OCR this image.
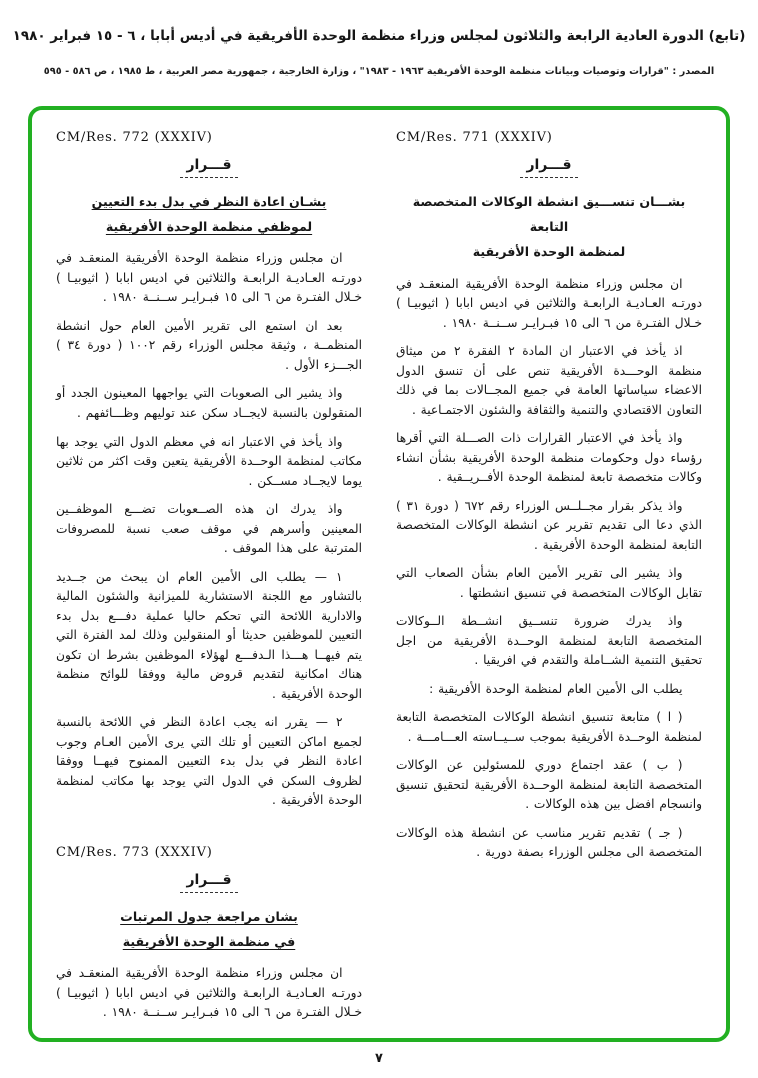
(تابع) الدورة العادية الرابعة والثلاثون لمجلس وزراء منظمة الوحدة الأفريقية في أديس أبابا ، ٦ - ١٥ فبراير ١٩٨٠
المصدر : "قرارات وتوصيات وبيانات منظمة الوحدة الأفريقية ١٩٦٣ - ١٩٨٣" ، وزارة الخارجية ، جمهورية مصر العربية ، ط ١٩٨٥ ، ص ٥٨٦ - ٥٩٥
CM/Res. 771 (XXXIV)
قـــرار
بشـــان تنســـيق انشطة الوكالات المتخصصة التابعة
لمنظمة الوحدة الأفريقية

ان مجلس وزراء منظمة الوحدة الأفريقية المنعقـد في دورتـه العـاديـة الرابعـة والثلاثين في اديس ابابا ( اثيوبيـا ) خـلال الفتـرة من ٦ الى ١٥ فبـرايـر ســنــة ١٩٨٠ .

اذ يأخذ في الاعتبار ان المادة ٢ الفقرة ٢ من ميثاق منظمة الوحـــدة الأفريقية تنص على أن تنسق الدول الاعضاء سياساتها العامة في جميع المجــالات بما في ذلك التعاون الاقتصادي والتنمية والثقافة والشئون الاجتمـاعية .

واذ يأخذ في الاعتبار القرارات ذات الصـــلة التي أقرها رؤساء دول وحكومات منظمة الوحدة الأفريقية بشأن انشاء وكالات متخصصة تابعة لمنظمة الوحدة الأفــريــقية .

واذ يذكر بقرار مجــلــس الوزراء رقم ٦٧٢ ( دورة ٣١ ) الذي دعا الى تقديم تقرير عن انشطة الوكالات المتخصصة التابعة لمنظمة الوحدة الأفريقية .

واذ يشير الى تقرير الأمين العام بشأن الصعاب التي تقابل الوكالات المتخصصة في تنسيق انشطتها .

واذ يدرك ضرورة تنســيق انشــطة الــوكالات المتخصصة التابعة لمنظمة الوحــدة الأفريقية من اجل تحقيق التنمية الشــاملة والتقدم في افريقيا .

يطلب الى الأمين العام لمنظمة الوحدة الأفريقية :

( ا ) متابعة تنسيق انشطة الوكالات المتخصصة التابعة لمنظمة الوحــدة الأفريقية بموجب ســيــاسته العـــامـــة .

( ب ) عقد اجتماع دوري للمسئولين عن الوكالات المتخصصة التابعة لمنظمة الوحــدة الأفريقية لتحقيق تنسيق وانسجام افضل بين هذه الوكالات .

( جـ ) تقديم تقرير مناسب عن انشطة هذه الوكالات المتخصصة الى مجلس الوزراء بصفة دورية .

CM/Res. 772 (XXXIV)
قـــرار
بشـان اعادة النظر في بدل بدء التعيين
لموظفي منظمة الوحدة الأفريقية

ان مجلس وزراء منظمة الوحدة الأفريقية المنعقـد في دورتـه العـاديـة الرابعـة والثلاثين في اديس ابابا ( اثيوبيـا ) خـلال الفتـرة من ٦ الى ١٥ فبـرايـر ســنــة ١٩٨٠ .

بعد ان استمع الى تقرير الأمين العام حول انشطة المنظمــة ، وثيقة مجلس الوزراء رقم ١٠٠٢ ( دورة ٣٤ ) الجـــزء الأول .

واذ يشير الى الصعوبات التي يواجهها المعينون الجدد أو المنقولون بالنسبة لايجــاد سكن عند توليهم وظـــائفهم .

واذ يأخذ في الاعتبار انه في معظم الدول التي يوجد بها مكاتب لمنظمة الوحــدة الأفريقية يتعين وقت اكثر من ثلاثين يوما لايجــاد مســكن .

واذ يدرك ان هذه الصــعوبات تضـــع الموظفــين المعينين وأسرهم في موقف صعب نسبة للمصروفات المترتبة على هذا الموقف .

١ — يطلب الى الأمين العام ان يبحث من جــديد بالتشاور مع اللجنة الاستشارية للميزانية والشئون المالية والادارية اللائحة التي تحكم حاليا عملية دفـــع بدل بدء التعيين للموظفين حديثا أو المنقولين وذلك لمد الفترة التي يتم فيهــا هـــذا الـدفـــع لهؤلاء الموظفين بشرط ان تكون هناك امكانية لتقديم قروض مالية ووفقا للوائح منظمة الوحدة الأفريقية .

٢ — يقرر انه يجب اعادة النظر في اللائحة بالنسبة لجميع اماكن التعيين أو تلك التي يرى الأمين العـام وجوب اعادة النظر في بدل بدء التعيين الممنوح فيهــا ووفقا لظروف السكن في الدول التي يوجد بها مكاتب لمنظمة الوحدة الأفريقية .

CM/Res. 773 (XXXIV)
قـــرار
بشان مراجعة جدول المرتبات
في منظمة الوحدة الأفريقية

ان مجلس وزراء منظمة الوحدة الأفريقية المنعقـد في دورتـه العـاديـة الرابعـة والثلاثين في اديس ابابا ( اثيوبيـا ) خـلال الفتـرة من ٦ الى ١٥ فبـرايـر ســنــة ١٩٨٠ .

٧
